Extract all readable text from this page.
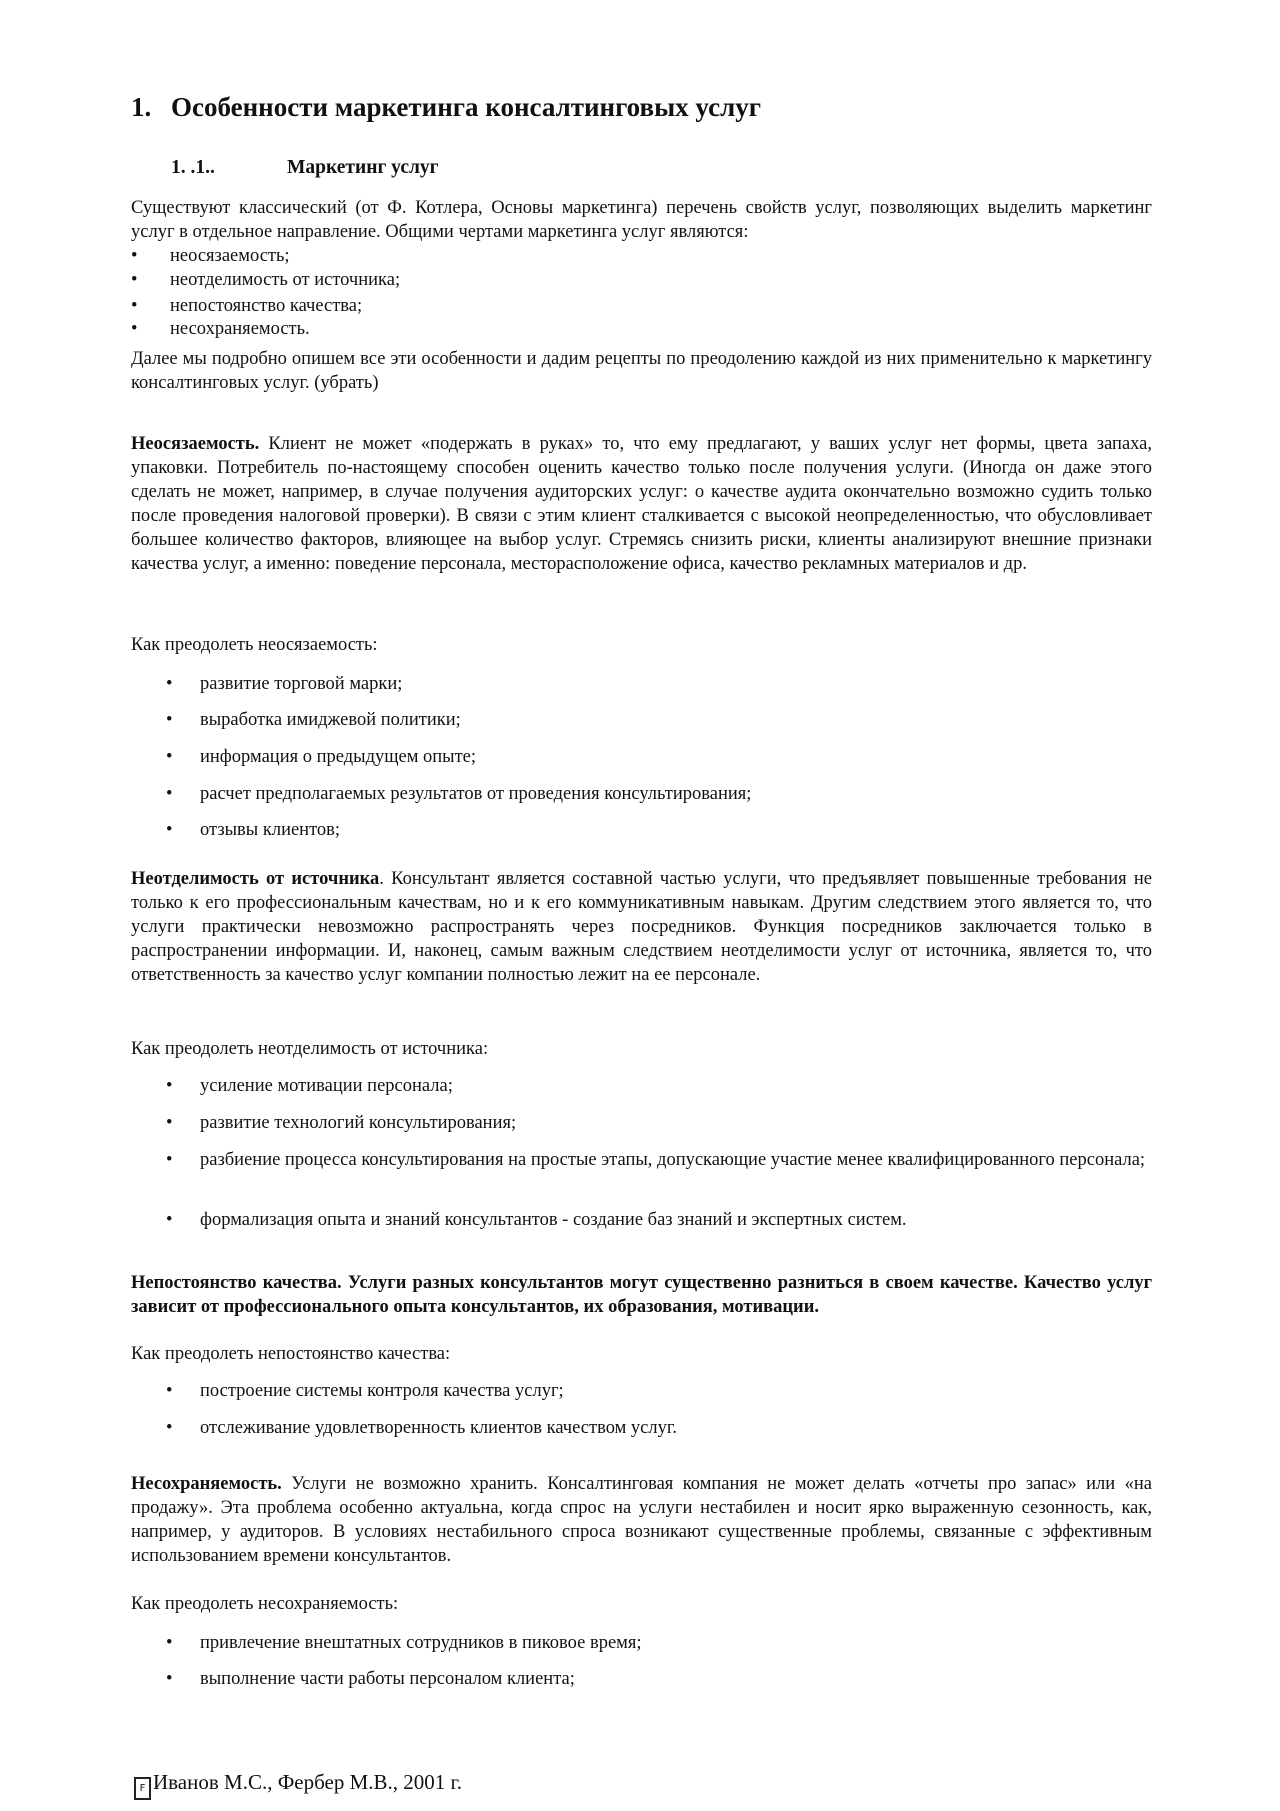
1. Особенности маркетинга консалтинговых услуг
1. .1..	Маркетинг услуг

Существуют классический (от Ф. Котлера, Основы маркетинга) перечень свойств услуг, позволяющих выделить маркетинг услуг в отдельное направление. Общими чертами маркетинга услуг являются:

• неосязаемость;
• неотделимость от источника;
• непостоянство качества;
• несохраняемость.

Далее мы подробно опишем все эти особенности и дадим рецепты по преодолению каждой из них применительно к маркетингу консалтинговых услуг. (убрать)

Неосязаемость. Клиент не может «подержать в руках» то, что ему предлагают, у ваших услуг нет формы, цвета запаха, упаковки. Потребитель по-настоящему способен оценить качество только после получения услуги. (Иногда он даже этого сделать не может, например, в случае получения аудиторских услуг: о качестве аудита окончательно возможно судить только после проведения налоговой проверки). В связи с этим клиент сталкивается с высокой неопределенностью, что обусловливает большее количество факторов, влияющее на выбор услуг. Стремясь снизить риски, клиенты анализируют внешние признаки качества услуг, а именно: поведение персонала, месторасположение офиса, качество рекламных материалов и др.

Как преодолеть неосязаемость:
• развитие торговой марки;
• выработка имиджевой политики;
• информация о предыдущем опыте;
• расчет предполагаемых результатов от проведения консультирования;
• отзывы клиентов;

Неотделимость от источника. Консультант является составной частью услуги, что предъявляет повышенные требования не только к его профессиональным качествам, но и к его коммуникативным навыкам. Другим следствием этого является то, что услуги практически невозможно распространять через посредников. Функция посредников заключается только в распространении информации. И, наконец, самым важным следствием неотделимости услуг от источника, является то, что ответственность за качество услуг компании полностью лежит на ее персонале.

Как преодолеть неотделимость от источника:
• усиление мотивации персонала;
• развитие технологий консультирования;
• разбиение процесса консультирования на простые этапы, допускающие участие менее квалифицированного персонала;
• формализация опыта и знаний консультантов - создание баз знаний и экспертных систем.

Непостоянство качества. Услуги разных консультантов могут существенно разниться в своем качестве. Качество услуг зависит от профессионального опыта консультантов, их образования, мотивации.

Как преодолеть непостоянство качества:
• построение системы контроля качества услуг;
• отслеживание удовлетворенность клиентов качеством услуг.

Несохраняемость. Услуги не возможно хранить. Консалтинговая компания не может делать «отчеты про запас» или «на продажу». Эта проблема особенно актуальна, когда спрос на услуги нестабилен и носит ярко выраженную сезонность, как, например, у аудиторов. В условиях нестабильного спроса возникают существенные проблемы, связанные с эффективным использованием времени консультантов.

Как преодолеть несохраняемость:
• привлечение внештатных сотрудников в пиковое время;
• выполнение части работы персоналом клиента;
F Иванов М.С., Фербер М.В., 2001 г.
